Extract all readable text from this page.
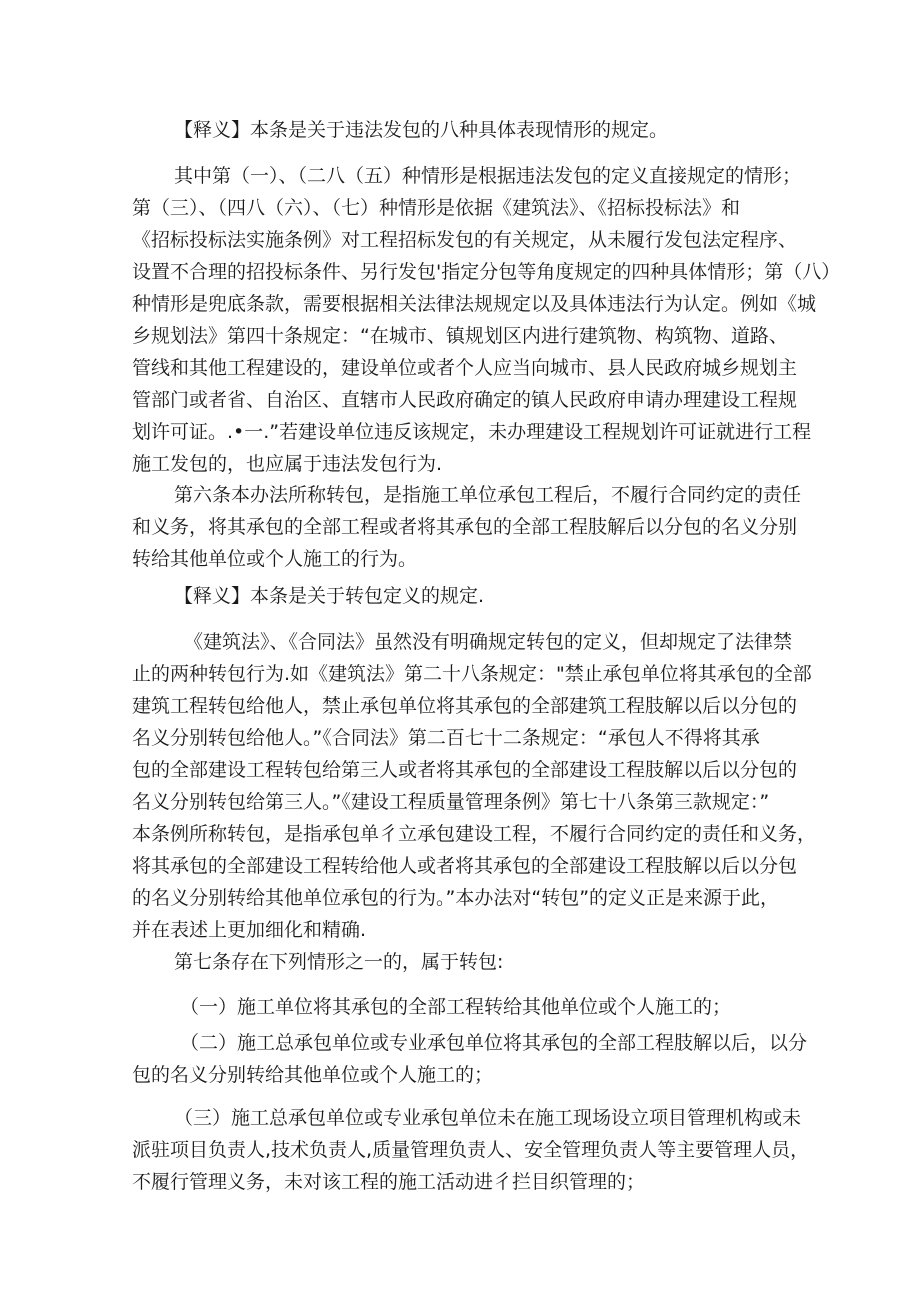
【释义】本条是关于违法发包的八种具体表现情形的规定。

其中第（一）、（二八（五）种情形是根据违法发包的定义直接规定的情形；
第（三）、（四八（六）、（七）种情形是依据《建筑法》、《招标投标法》和
《招标投标法实施条例》对工程招标发包的有关规定，从未履行发包法定程序、
设置不合理的招投标条件、另行发包'指定分包等角度规定的四种具体情形；第（八）
种情形是兜底条款，需要根据相关法律法规规定以及具体违法行为认定。例如《城
乡规划法》第四十条规定：“在城市、镇规划区内进行建筑物、构筑物、道路、
管线和其他工程建设的，建设单位或者个人应当向城市、县人民政府城乡规划主
管部门或者省、自治区、直辖市人民政府确定的镇人民政府申请办理建设工程规
划许可证。.•一.”若建设单位违反该规定，未办理建设工程规划许可证就进行工程
施工发包的，也应属于违法发包行为.

第六条本办法所称转包，是指施工单位承包工程后，不履行合同约定的责任
和义务，将其承包的全部工程或者将其承包的全部工程肢解后以分包的名义分别
转给其他单位或个人施工的行为。

【释义】本条是关于转包定义的规定.

《建筑法》、《合同法》虽然没有明确规定转包的定义，但却规定了法律禁
止的两种转包行为.如《建筑法》第二十八条规定："禁止承包单位将其承包的全部
建筑工程转包给他人，禁止承包单位将其承包的全部建筑工程肢解以后以分包的
名义分别转包给他人。”《合同法》第二百七十二条规定：“承包人不得将其承
包的全部建设工程转包给第三人或者将其承包的全部建设工程肢解以后以分包的
名义分别转包给第三人。”《建设工程质量管理条例》第七十八条第三款规定：”
本条例所称转包，是指承包单彳立承包建设工程，不履行合同约定的责任和义务，
将其承包的全部建设工程转给他人或者将其承包的全部建设工程肢解以后以分包
的名义分别转给其他单位承包的行为。”本办法对“转包”的定义正是来源于此，
并在表述上更加细化和精确.

第七条存在下列情形之一的，属于转包:

（一）施工单位将其承包的全部工程转给其他单位或个人施工的；

（二）施工总承包单位或专业承包单位将其承包的全部工程肢解以后，以分
包的名义分别转给其他单位或个人施工的；

（三）施工总承包单位或专业承包单位未在施工现场设立项目管理机构或未
派驻项目负责人,技术负责人,质量管理负责人、安全管理负责人等主要管理人员，
不履行管理义务，未对该工程的施工活动进彳拦目织管理的；
